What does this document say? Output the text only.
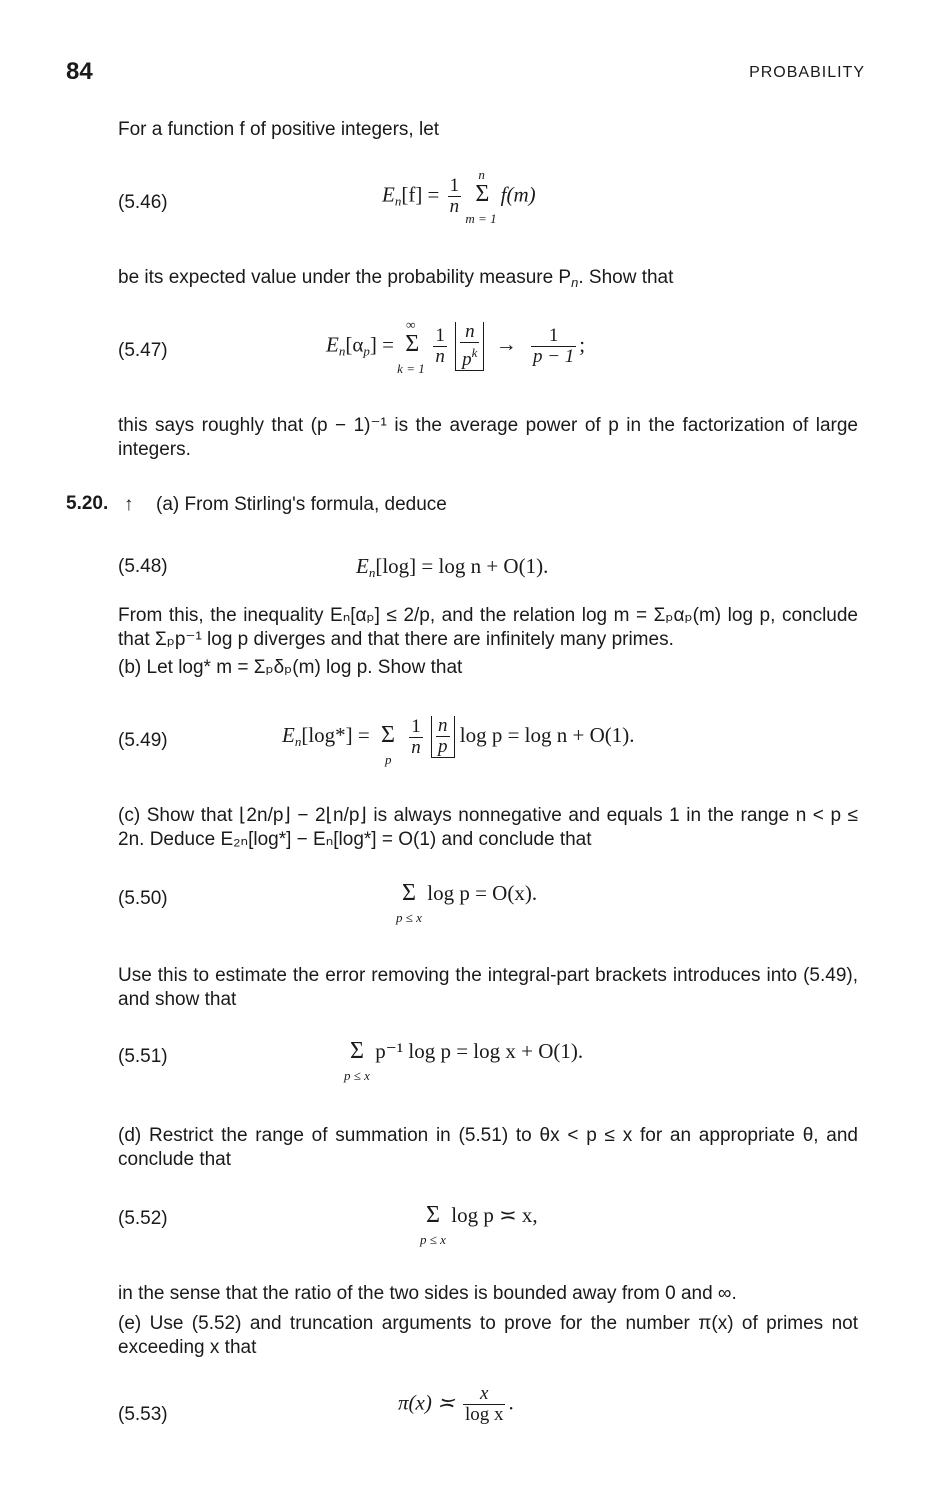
84	PROBABILITY
For a function f of positive integers, let
(5.46)	$E_n[f] = \frac{1}{n}$

n
Σ
m = 1
f(m)
be its expected value under the probability measure $P_n$. Show that
(5.47)	$E_n[\alpha_p]$ =
∞
Σ
k = 1

$\frac{1}{n}$
$\frac{n}{p^k} \to \frac{1}{p - 1}$ ;
this says roughly that (p − 1)⁻¹ is the average power of p in the factorization of large integers.
5.20. ↑ (a) From Stirling's formula, deduce
(5.48)	$E_n[\log] = \log n + O(1)$.
From this, the inequality Eₙ[αₚ] ≤ 2/p, and the relation log m = Σₚαₚ(m) log p, conclude that Σₚp⁻¹ log p diverges and that there are infinitely many primes.
(b) Let log* m = Σₚδₚ(m) log p. Show that
(5.49)	$E_n[\log*] = \Sigma$
p

$\frac{1}{n}$
$\frac{n}{p}$ log p = log n + O(1).
(c) Show that ⌊2n/p⌋ − 2⌊n/p⌋ is always nonnegative and equals 1 in the range n < p ≤ 2n. Deduce E₂ₙ[log*] − Eₙ[log*] = O(1) and conclude that
(5.50)	Σ
p ≤ x
log p = O(x).
Use this to estimate the error removing the integral-part brackets introduces into (5.49), and show that
(5.51)	Σ
p ≤ x
p⁻¹ log p = log x + O(1).
(d) Restrict the range of summation in (5.51) to θx < p ≤ x for an appropriate θ, and conclude that
(5.52)	Σ
p ≤ x
log p ≍ x,
in the sense that the ratio of the two sides is bounded away from 0 and ∞.
(e) Use (5.52) and truncation arguments to prove for the number π(x) of primes not exceeding x that
(5.53)
π(x) ≍ $\frac{x}{\text{log x}}$ .
